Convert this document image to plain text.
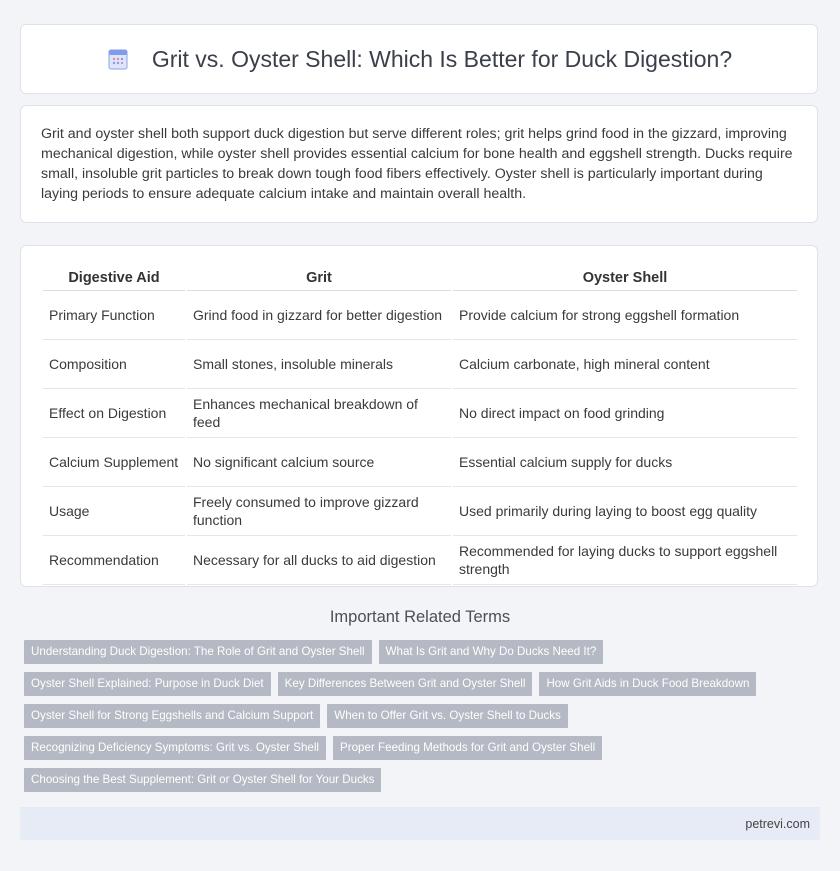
Grit vs. Oyster Shell: Which Is Better for Duck Digestion?

Grit and oyster shell both support duck digestion but serve different roles; grit helps grind food in the gizzard, improving mechanical digestion, while oyster shell provides essential calcium for bone health and eggshell strength. Ducks require small, insoluble grit particles to break down tough food fibers effectively. Oyster shell is particularly important during laying periods to ensure adequate calcium intake and maintain overall health.

Digestive Aid	Grit	Oyster Shell
Primary Function	Grind food in gizzard for better digestion	Provide calcium for strong eggshell formation
Composition	Small stones, insoluble minerals	Calcium carbonate, high mineral content
Effect on Digestion	Enhances mechanical breakdown of feed	No direct impact on food grinding
Calcium Supplement	No significant calcium source	Essential calcium supply for ducks
Usage	Freely consumed to improve gizzard function	Used primarily during laying to boost egg quality
Recommendation	Necessary for all ducks to aid digestion	Recommended for laying ducks to support eggshell strength
Important Related Terms
Understanding Duck Digestion: The Role of Grit and Oyster Shell	What Is Grit and Why Do Ducks Need It?
Oyster Shell Explained: Purpose in Duck Diet	Key Differences Between Grit and Oyster Shell	How Grit Aids in Duck Food Breakdown
Oyster Shell for Strong Eggshells and Calcium Support	When to Offer Grit vs. Oyster Shell to Ducks
Recognizing Deficiency Symptoms: Grit vs. Oyster Shell	Proper Feeding Methods for Grit and Oyster Shell
Choosing the Best Supplement: Grit or Oyster Shell for Your Ducks
petrevi.com
